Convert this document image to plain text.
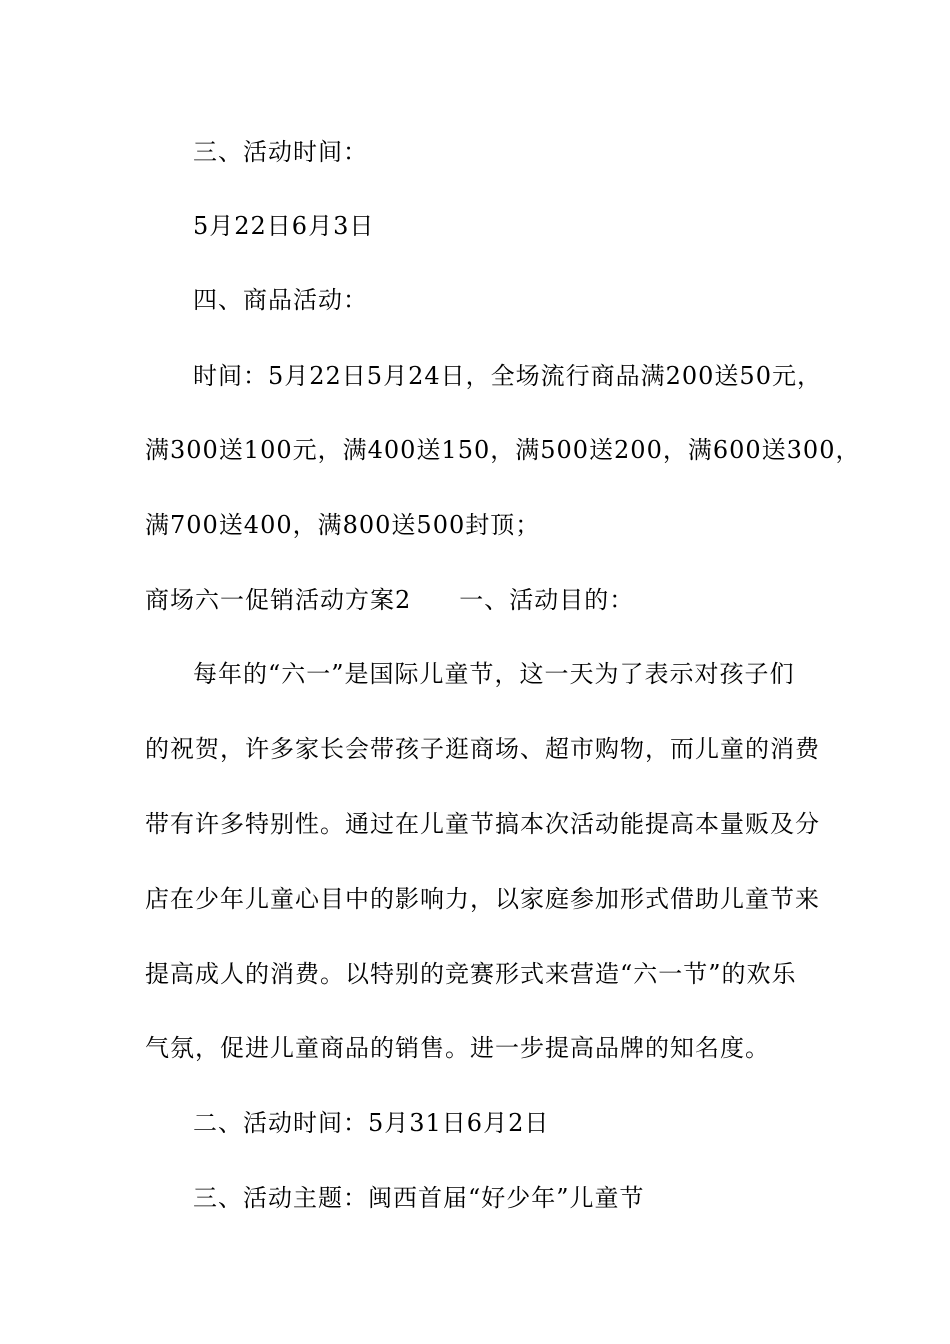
三、活动时间：
5月22日6月3日
四、商品活动：
时间：5月22日5月24日，全场流行商品满200送50元，
满300送100元，满400送150，满500送200，满600送300，
满700送400，满800送500封顶；
商场六一促销活动方案2 一、活动目的：
每年的“六一”是国际儿童节，这一天为了表示对孩子们
的祝贺，许多家长会带孩子逛商场、超市购物，而儿童的消费
带有许多特别性。通过在儿童节搞本次活动能提高本量贩及分
店在少年儿童心目中的影响力，以家庭参加形式借助儿童节来
提高成人的消费。以特别的竞赛形式来营造“六一节”的欢乐
气氛，促进儿童商品的销售。进一步提高品牌的知名度。
二、活动时间：5月31日6月2日
三、活动主题：闽西首届“好少年”儿童节
